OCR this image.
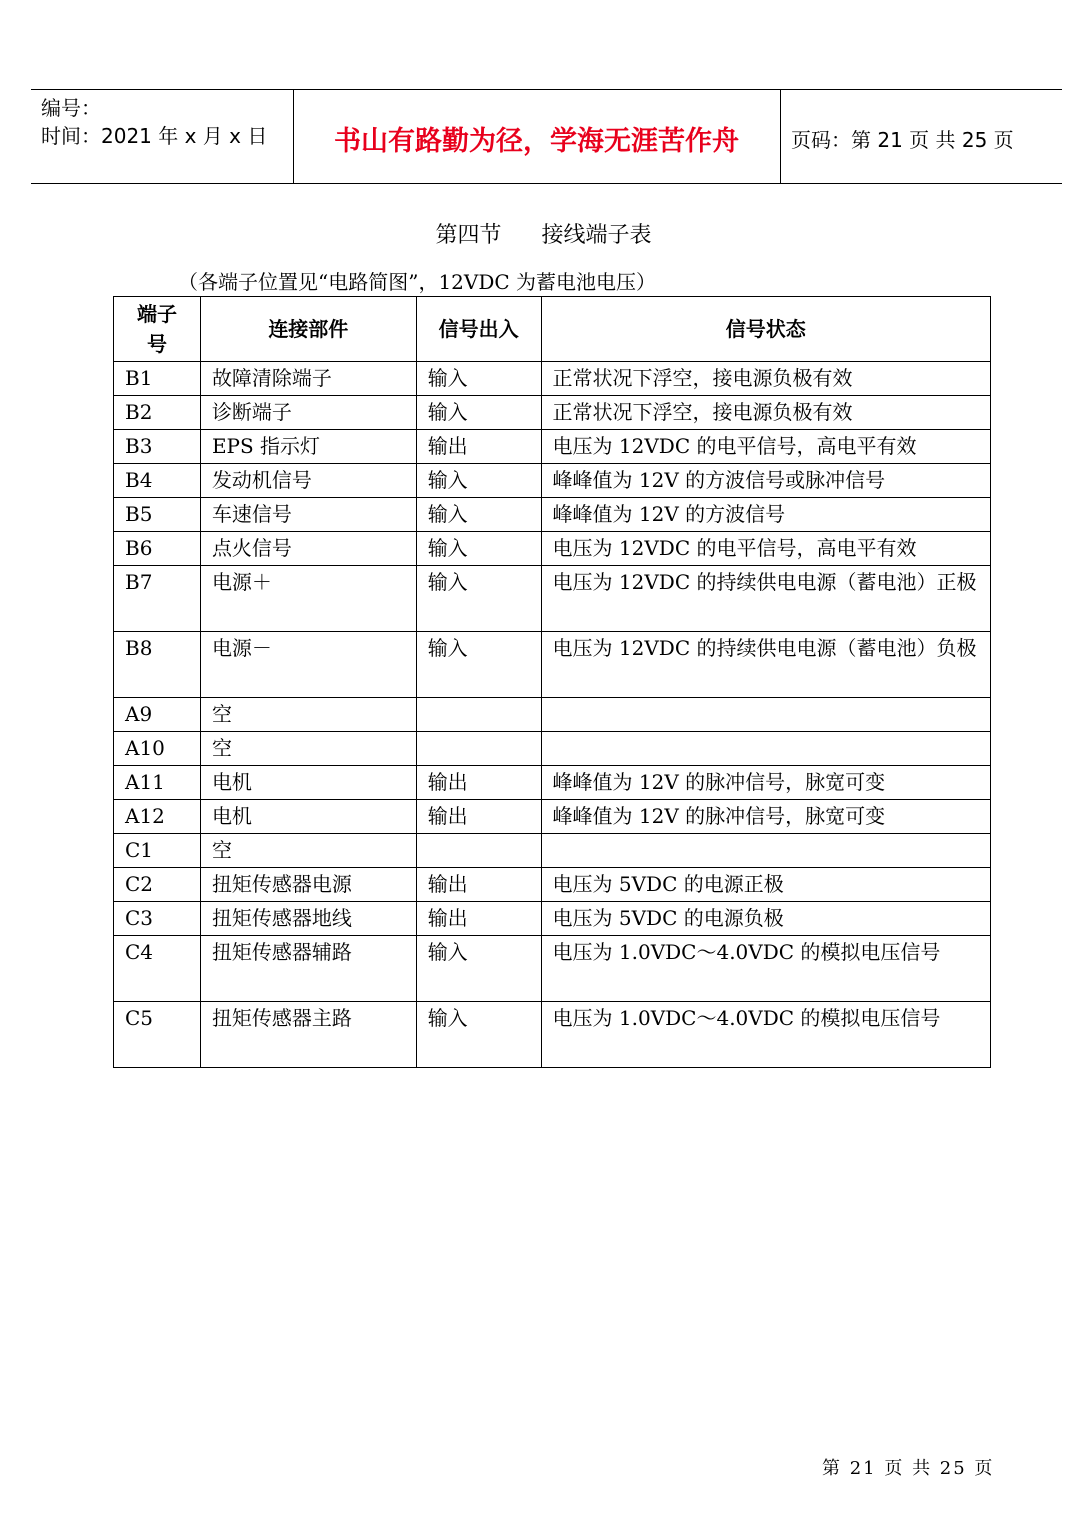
编号：
时间：2021 年 x 月 x 日	书山有路勤为径，学海无涯苦作舟	页码：第 21 页 共 25 页
第四节 接线端子表
（各端子位置见“电路简图”，12VDC 为蓄电池电压）
端子号	连接部件	信号出入	信号状态
B1	故障清除端子	输入	正常状况下浮空，接电源负极有效
B2	诊断端子	输入	正常状况下浮空，接电源负极有效
B3	EPS 指示灯	输出	电压为 12VDC 的电平信号，高电平有效
B4	发动机信号	输入	峰峰值为 12V 的方波信号或脉冲信号
B5	车速信号	输入	峰峰值为 12V 的方波信号
B6	点火信号	输入	电压为 12VDC 的电平信号，高电平有效
B7	电源＋	输入	电压为 12VDC 的持续供电电源（蓄电池）正极
B8	电源－	输入	电压为 12VDC 的持续供电电源（蓄电池）负极
A9	空		
A10	空		
A11	电机	输出	峰峰值为 12V 的脉冲信号，脉宽可变
A12	电机	输出	峰峰值为 12V 的脉冲信号，脉宽可变
C1	空		
C2	扭矩传感器电源	输出	电压为 5VDC 的电源正极
C3	扭矩传感器地线	输出	电压为 5VDC 的电源负极
C4	扭矩传感器辅路	输入	电压为 1.0VDC～4.0VDC 的模拟电压信号
C5	扭矩传感器主路	输入	电压为 1.0VDC～4.0VDC 的模拟电压信号
第 21 页 共 25 页
